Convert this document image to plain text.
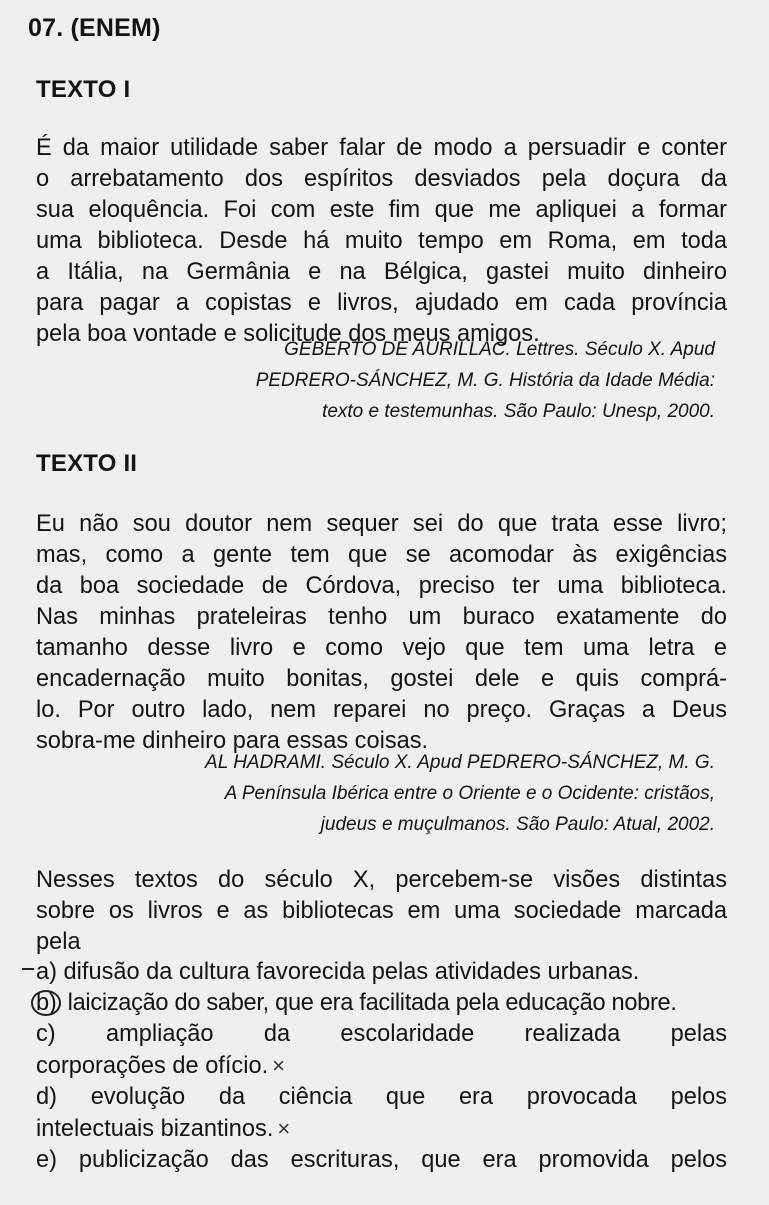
07. (ENEM)
TEXTO I
É da maior utilidade saber falar de modo a persuadir e conter
o arrebatamento dos espíritos desviados pela doçura da
sua eloquência. Foi com este fim que me apliquei a formar
uma biblioteca. Desde há muito tempo em Roma, em toda
a Itália, na Germânia e na Bélgica, gastei muito dinheiro
para pagar a copistas e livros, ajudado em cada província
pela boa vontade e solicitude dos meus amigos.
GEBERTO DE AURILLAC. Lettres. Século X. Apud
PEDRERO-SÁNCHEZ, M. G. História da Idade Média:
texto e testemunhas. São Paulo: Unesp, 2000.
TEXTO II
Eu não sou doutor nem sequer sei do que trata esse livro;
mas, como a gente tem que se acomodar às exigências
da boa sociedade de Córdova, preciso ter uma biblioteca.
Nas minhas prateleiras tenho um buraco exatamente do
tamanho desse livro e como vejo que tem uma letra e
encadernação muito bonitas, gostei dele e quis comprá-
lo. Por outro lado, nem reparei no preço. Graças a Deus
sobra-me dinheiro para essas coisas.
AL HADRAMI. Século X. Apud PEDRERO-SÁNCHEZ, M. G.
A Península Ibérica entre o Oriente e o Ocidente: cristãos,
judeus e muçulmanos. São Paulo: Atual, 2002.
Nesses textos do século X, percebem-se visões distintas
sobre os livros e as bibliotecas em uma sociedade marcada
pela
a) difusão da cultura favorecida pelas atividades urbanas.
b) laicização do saber, que era facilitada pela educação nobre.
c) ampliação da escolaridade realizada pelas
corporações de ofício. ×
d) evolução da ciência que era provocada pelos
intelectuais bizantinos. ×
e) publicização das escrituras, que era promovida pelos
